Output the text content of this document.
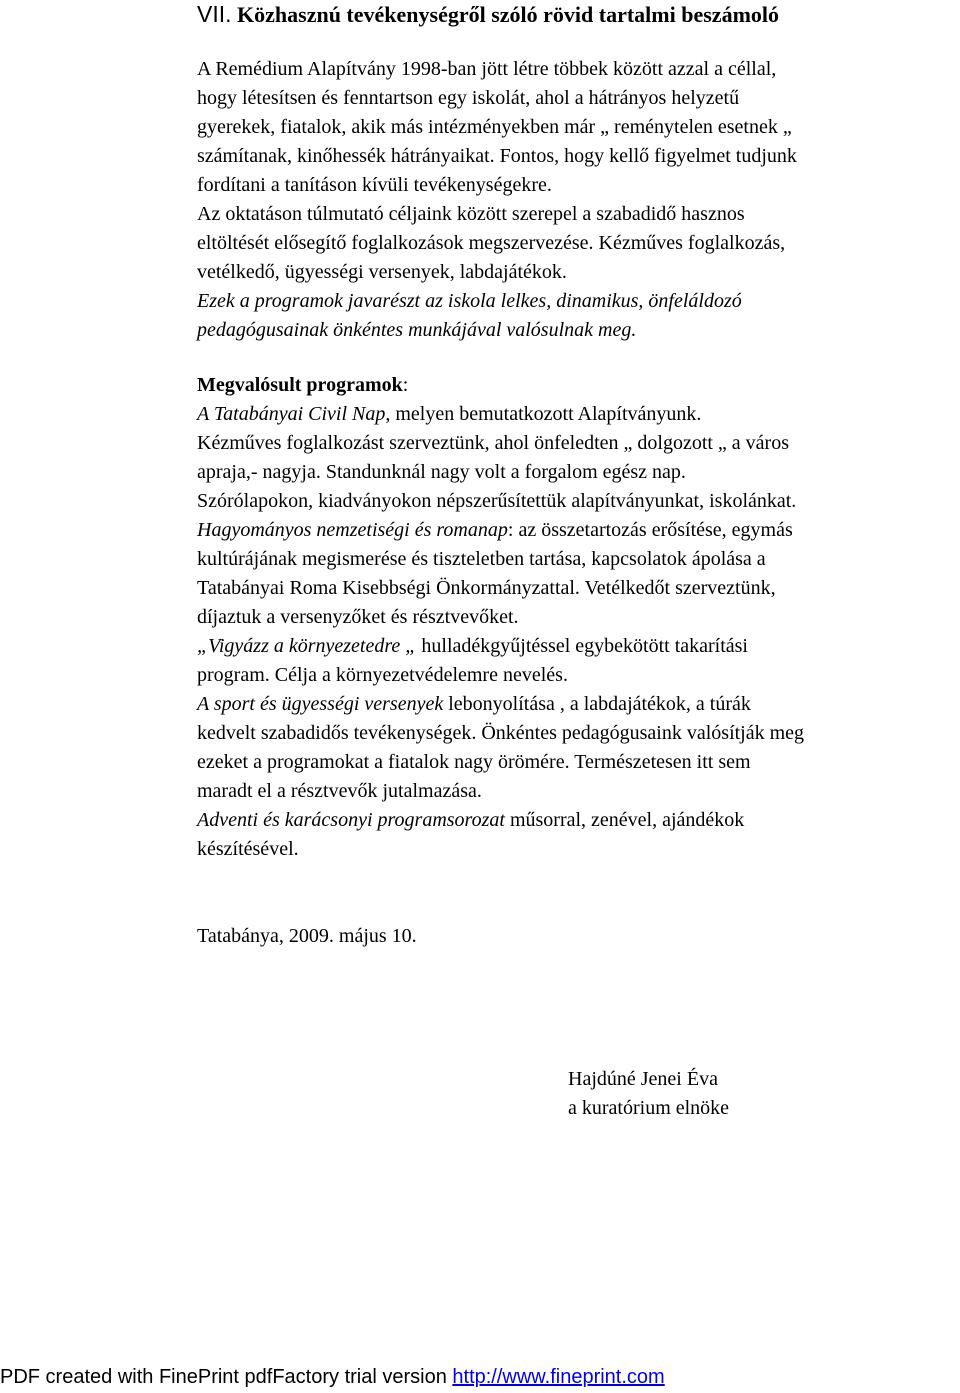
VII. Közhasznú tevékenységről szóló rövid tartalmi beszámoló

A Remédium Alapítvány 1998-ban jött létre többek között azzal a céllal,

hogy létesítsen és fenntartson egy iskolát, ahol a hátrányos helyzetű

gyerekek, fiatalok, akik más intézményekben már „ reménytelen esetnek „

számítanak, kinőhessék hátrányaikat. Fontos, hogy kellő figyelmet tudjunk

fordítani a tanításon kívüli tevékenységekre.

Az oktatáson túlmutató céljaink között szerepel a szabadidő hasznos

eltöltését elősegítő foglalkozások megszervezése. Kézműves foglalkozás,

vetélkedő, ügyességi versenyek, labdajátékok.

Ezek a programok javarészt az iskola lelkes, dinamikus, önfeláldozó

pedagógusainak önkéntes munkájával valósulnak meg.

Megvalósult programok:

A Tatabányai Civil Nap, melyen bemutatkozott Alapítványunk.

Kézműves foglalkozást szerveztünk, ahol önfeledten „ dolgozott „ a város

apraja,- nagyja. Standunknál nagy volt a forgalom egész nap.

Szórólapokon, kiadványokon népszerűsítettük alapítványunkat, iskolánkat.

Hagyományos nemzetiségi és romanap: az összetartozás erősítése, egymás

kultúrájának megismerése és tiszteletben tartása, kapcsolatok ápolása a

Tatabányai Roma Kisebbségi Önkormányzattal. Vetélkedőt szerveztünk,

díjaztuk a versenyzőket és résztvevőket.

„Vigyázz a környezetedre „ hulladékgyűjtéssel egybekötött takarítási

program. Célja a környezetvédelemre nevelés.

A sport és ügyességi versenyek lebonyolítása , a labdajátékok, a túrák

kedvelt szabadidős tevékenységek. Önkéntes pedagógusaink valósítják meg

ezeket a programokat a fiatalok nagy örömére. Természetesen itt sem

maradt el a résztvevők jutalmazása.

Adventi és karácsonyi programsorozat műsorral, zenével, ajándékok

készítésével.

Tatabánya, 2009. május 10.

Hajdúné Jenei Éva

a kuratórium elnöke

PDF created with FinePrint pdfFactory trial version http://www.fineprint.com
